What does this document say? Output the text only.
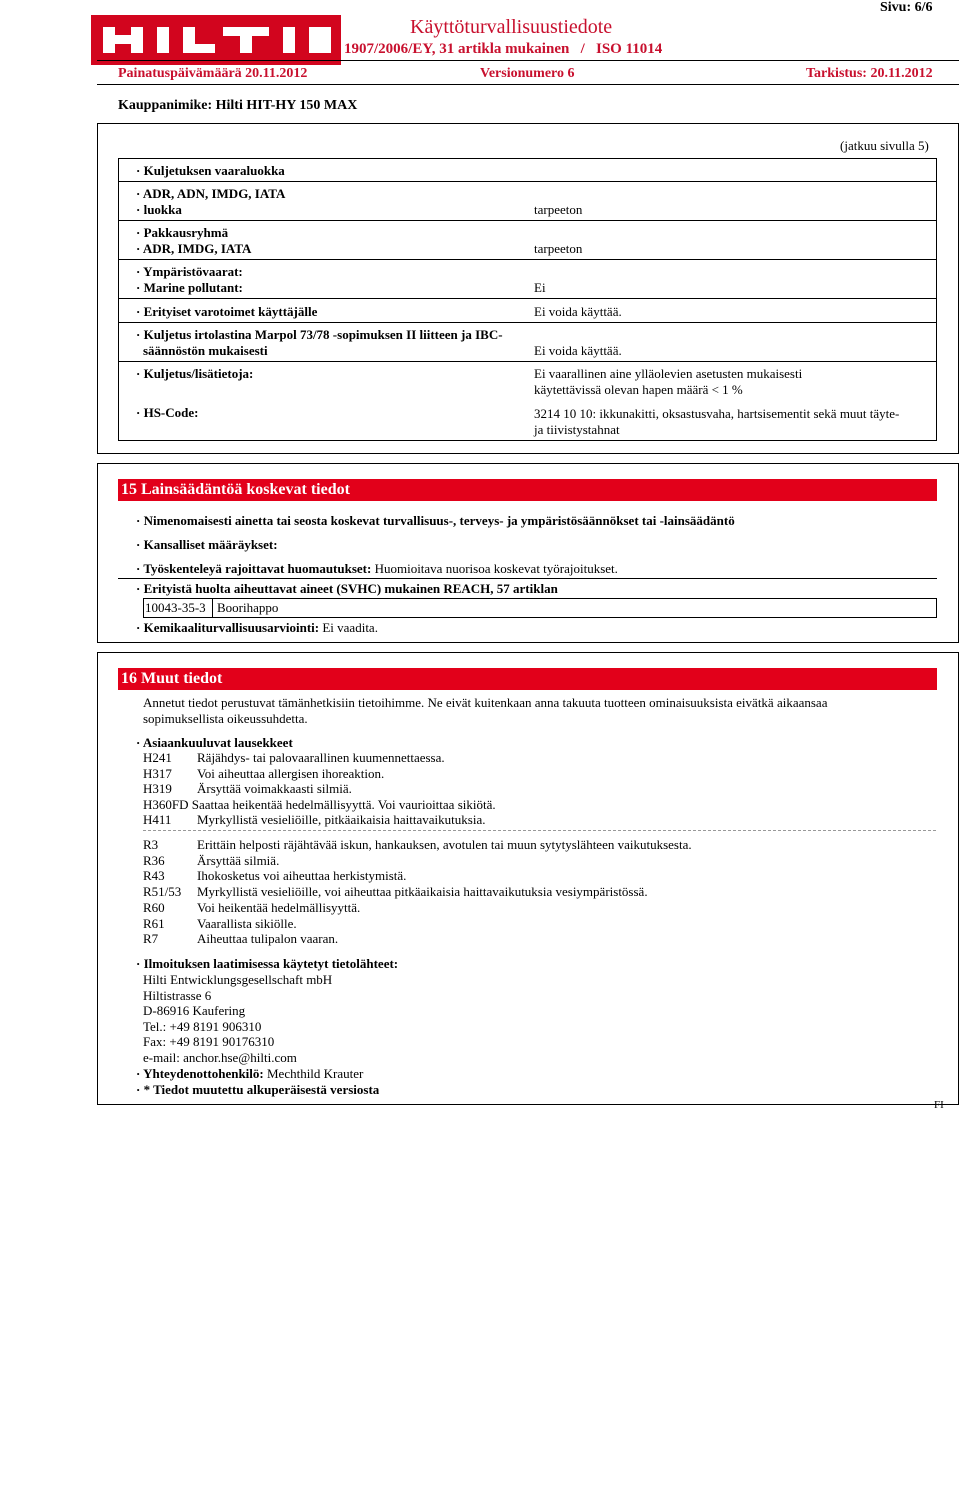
Käyttöturvallisuustiedote
1907/2006/EY, 31 artikla mukainen   /   ISO 11014
Sivu: 6/6
Painatuspäivämäärä 20.11.2012	Versionumero 6	Tarkistus: 20.11.2012
Kauppanimike: Hilti HIT-HY 150 MAX
(jatkuu sivulla 5)
· Kuljetuksen vaaraluokka
· ADR, ADN, IMDG, IATA
· luokka	tarpeeton
· Pakkausryhmä
· ADR, IMDG, IATA	tarpeeton
· Ympäristövaarat:
· Marine pollutant:	Ei
· Erityiset varotoimet käyttäjälle	Ei voida käyttää.
· Kuljetus irtolastina Marpol 73/78 -sopimuksen II liitteen ja IBC-
säännöstön mukaisesti	Ei voida käyttää.
· Kuljetus/lisätietoja:	Ei vaarallinen aine ylläolevien asetusten mukaisesti
käytettävissä olevan hapen määrä < 1 %
· HS-Code:	3214 10 10: ikkunakitti, oksastusvaha, hartsisementit sekä muut täyte-
ja tiivistystahnat
15 Lainsäädäntöä koskevat tiedot
· Nimenomaisesti ainetta tai seosta koskevat turvallisuus-, terveys- ja ympäristösäännökset tai -lainsäädäntö
· Kansalliset määräykset:
· Työskenteleyä rajoittavat huomautukset: Huomioitava nuorisoa koskevat työrajoitukset.
· Erityistä huolta aiheuttavat aineet (SVHC) mukainen REACH, 57 artiklan
10043-35-3 Boorihappo
· Kemikaaliturvallisuusarviointi: Ei vaadita.
16 Muut tiedot
Annetut tiedot perustuvat tämänhetkisiin tietoihimme. Ne eivät kuitenkaan anna takuuta tuotteen ominaisuuksista eivätkä aikaansaa
sopimuksellista oikeussuhdetta.
· Asiaankuuluvat lausekkeet
H241 Räjähdys- tai palovaarallinen kuumennettaessa.
H317 Voi aiheuttaa allergisen ihoreaktion.
H319 Ärsyttää voimakkaasti silmiä.
H360FD Saattaa heikentää hedelmällisyyttä. Voi vaurioittaa sikiötä.
H411 Myrkyllistä vesieliöille, pitkäaikaisia haittavaikutuksia.
R3	Erittäin helposti räjähtävää iskun, hankauksen, avotulen tai muun sytytyslähteen vaikutuksesta.
R36 Ärsyttää silmiä.
R43 Ihokosketus voi aiheuttaa herkistymistä.
R51/53 Myrkyllistä vesieliöille, voi aiheuttaa pitkäaikaisia haittavaikutuksia vesiympäristössä.
R60 Voi heikentää hedelmällisyyttä.
R61 Vaarallista sikiölle.
R7	Aiheuttaa tulipalon vaaran.
· Ilmoituksen laatimisessa käytetyt tietolähteet:
Hilti Entwicklungsgesellschaft mbH
Hiltistrasse 6
D-86916 Kaufering
Tel.: +49 8191 906310
Fax: +49 8191 90176310
e-mail: anchor.hse@hilti.com
· Yhteydenottohenkilö: Mechthild Krauter
· * Tiedot muutettu alkuperäisestä versiosta
FI
